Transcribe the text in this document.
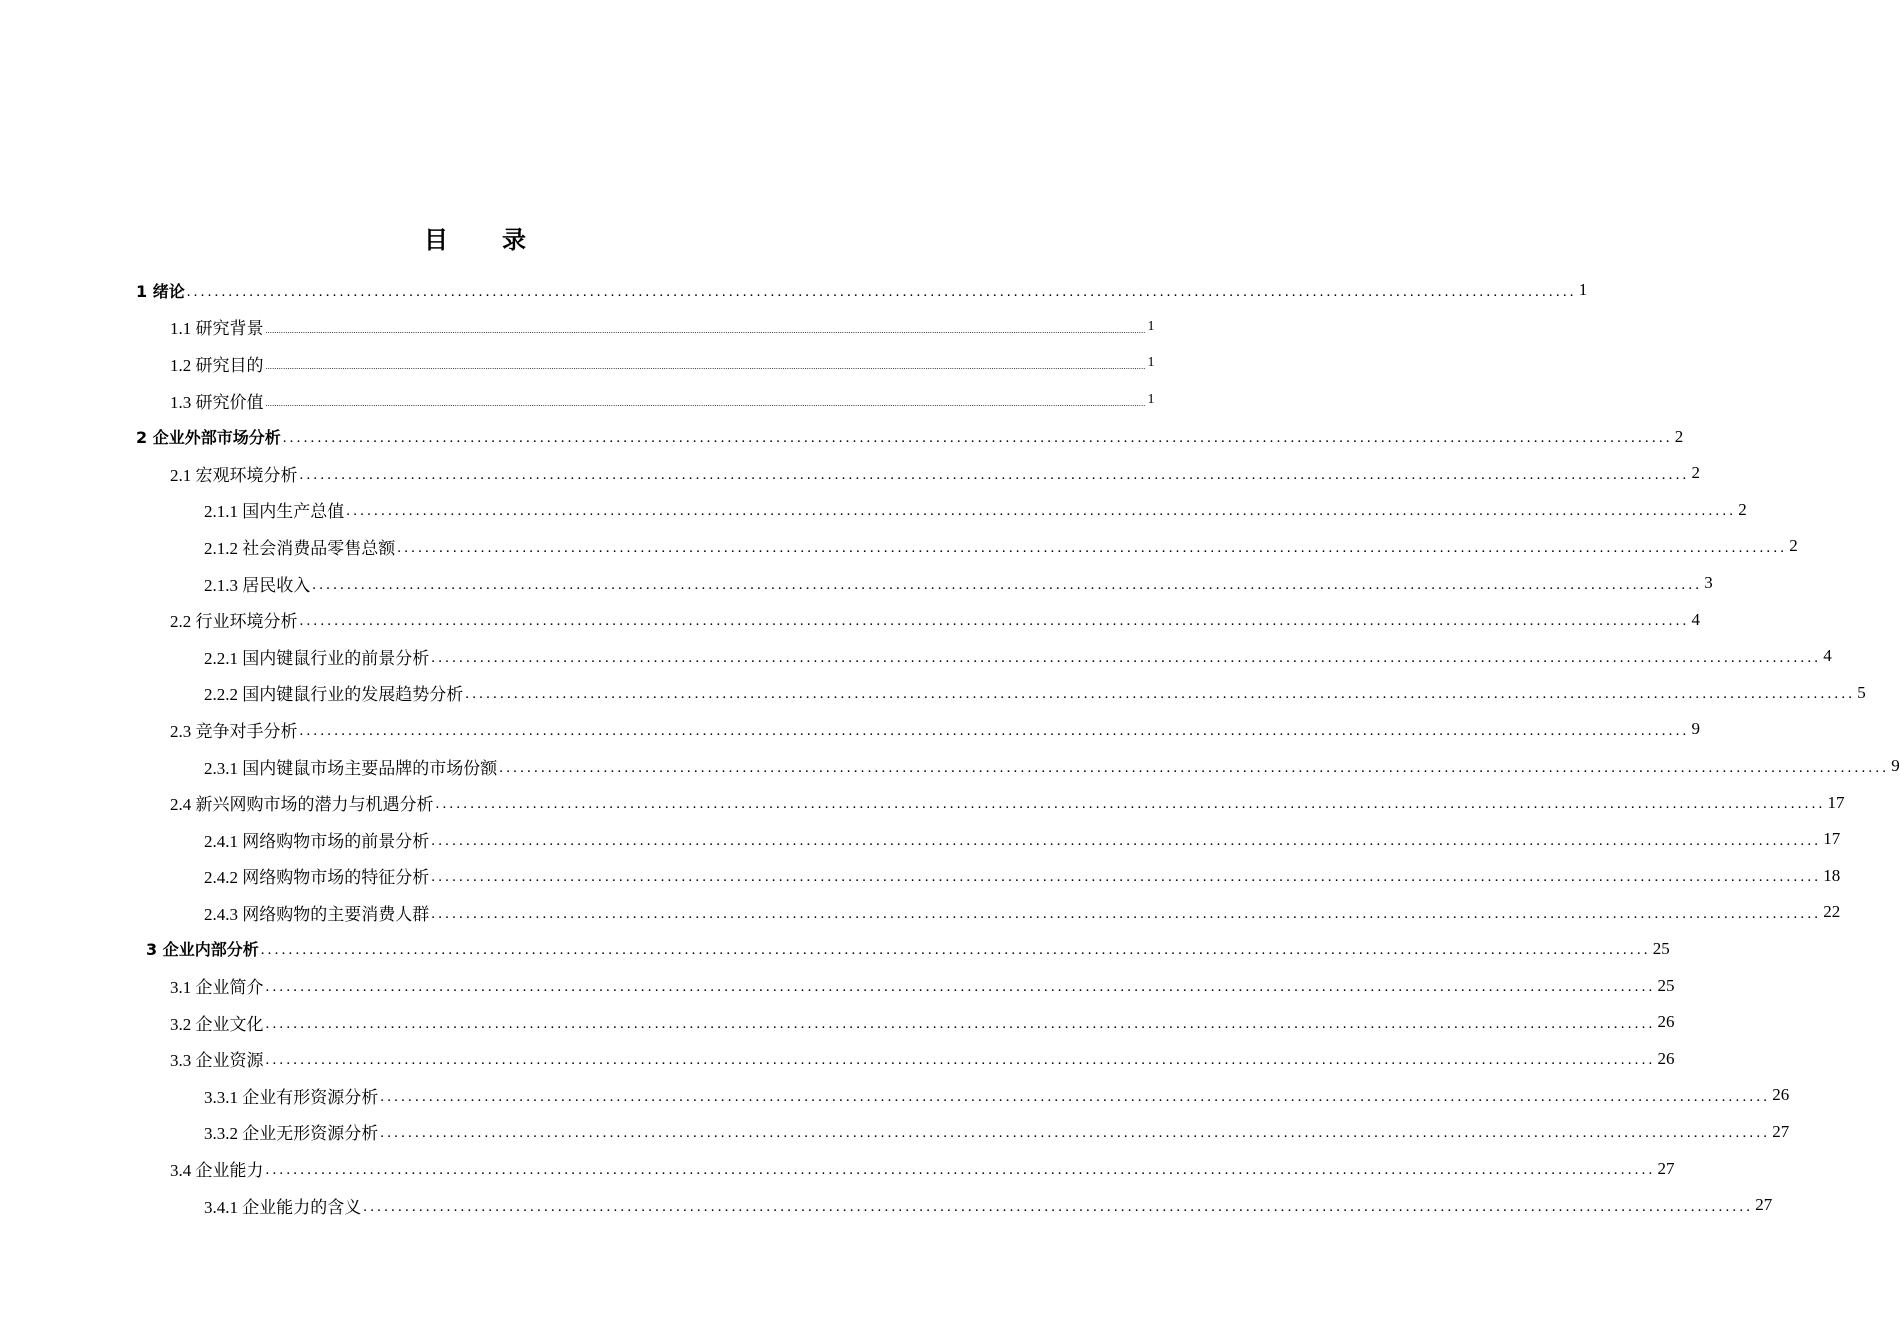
目录
1 绪论 ........................................................................................................................................................................................................ 1
1.1 研究背景 ................................................................................................................................................................................................................................................................................................................................................................................................................ 1
1.2 研究目的 ................................................................................................................................................................................................................................................................................................................................................................................................................ 1
1.3 研究价值 ................................................................................................................................................................................................................................................................................................................................................................................................................ 1
2 企业外部市场分析 ........................................................................................................................................................................................................ 2
2.1 宏观环境分析 ........................................................................................................................................................................................................ 2
2.1.1 国内生产总值 ........................................................................................................................................................................................................ 2
2.1.2 社会消费品零售总额 ........................................................................................................................................................................................................ 2
2.1.3 居民收入 ........................................................................................................................................................................................................ 3
2.2 行业环境分析 ........................................................................................................................................................................................................ 4
2.2.1 国内键鼠行业的前景分析 ........................................................................................................................................................................................................ 4
2.2.2 国内键鼠行业的发展趋势分析 ........................................................................................................................................................................................................ 5
2.3 竞争对手分析 ........................................................................................................................................................................................................ 9
2.3.1 国内键鼠市场主要品牌的市场份额 ........................................................................................................................................................................................................ 9
2.4 新兴网购市场的潜力与机遇分析 ........................................................................................................................................................................................................ 17
2.4.1 网络购物市场的前景分析 ........................................................................................................................................................................................................ 17
2.4.2 网络购物市场的特征分析 ........................................................................................................................................................................................................ 18
2.4.3 网络购物的主要消费人群 ........................................................................................................................................................................................................ 22
3 企业内部分析 ........................................................................................................................................................................................................ 25
3.1 企业简介 ........................................................................................................................................................................................................ 25
3.2 企业文化 ........................................................................................................................................................................................................ 26
3.3 企业资源 ........................................................................................................................................................................................................ 26
3.3.1 企业有形资源分析 ........................................................................................................................................................................................................ 26
3.3.2 企业无形资源分析 ........................................................................................................................................................................................................ 27
3.4 企业能力 ........................................................................................................................................................................................................ 27
3.4.1 企业能力的含义 ........................................................................................................................................................................................................ 27
